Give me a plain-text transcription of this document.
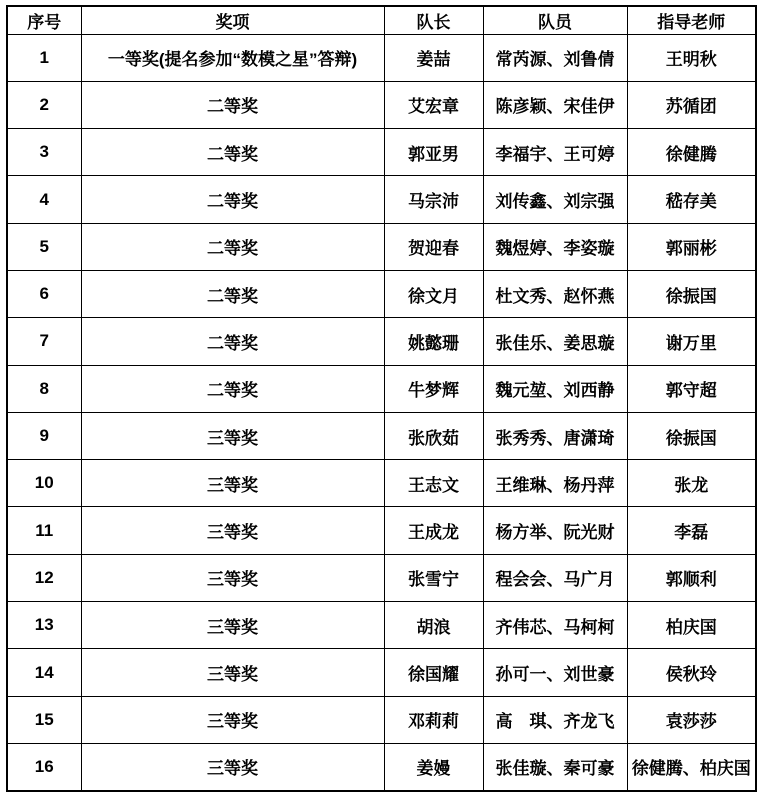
序号	奖项	队长	队员	指导老师
1	一等奖(提名参加“数模之星”答辩)	姜喆	常芮源、刘鲁倩	王明秋
2	二等奖	艾宏章	陈彦颖、宋佳伊	苏循团
3	二等奖	郭亚男	李福宇、王可婷	徐健腾
4	二等奖	马宗沛	刘传鑫、刘宗强	嵇存美
5	二等奖	贺迎春	魏煜婷、李姿璇	郭丽彬
6	二等奖	徐文月	杜文秀、赵怀燕	徐振国
7	二等奖	姚懿珊	张佳乐、姜思璇	谢万里
8	二等奖	牛梦辉	魏元堃、刘西静	郭守超
9	三等奖	张欣茹	张秀秀、唐潇琦	徐振国
10	三等奖	王志文	王维琳、杨丹萍	张龙
11	三等奖	王成龙	杨方举、阮光财	李磊
12	三等奖	张雪宁	程会会、马广月	郭顺利
13	三等奖	胡浪	齐伟芯、马柯柯	柏庆国
14	三等奖	徐国耀	孙可一、刘世豪	侯秋玲
15	三等奖	邓莉莉	高　琪、齐龙飞	袁莎莎
16	三等奖	姜嫚	张佳璇、秦可豪	徐健腾、柏庆国
